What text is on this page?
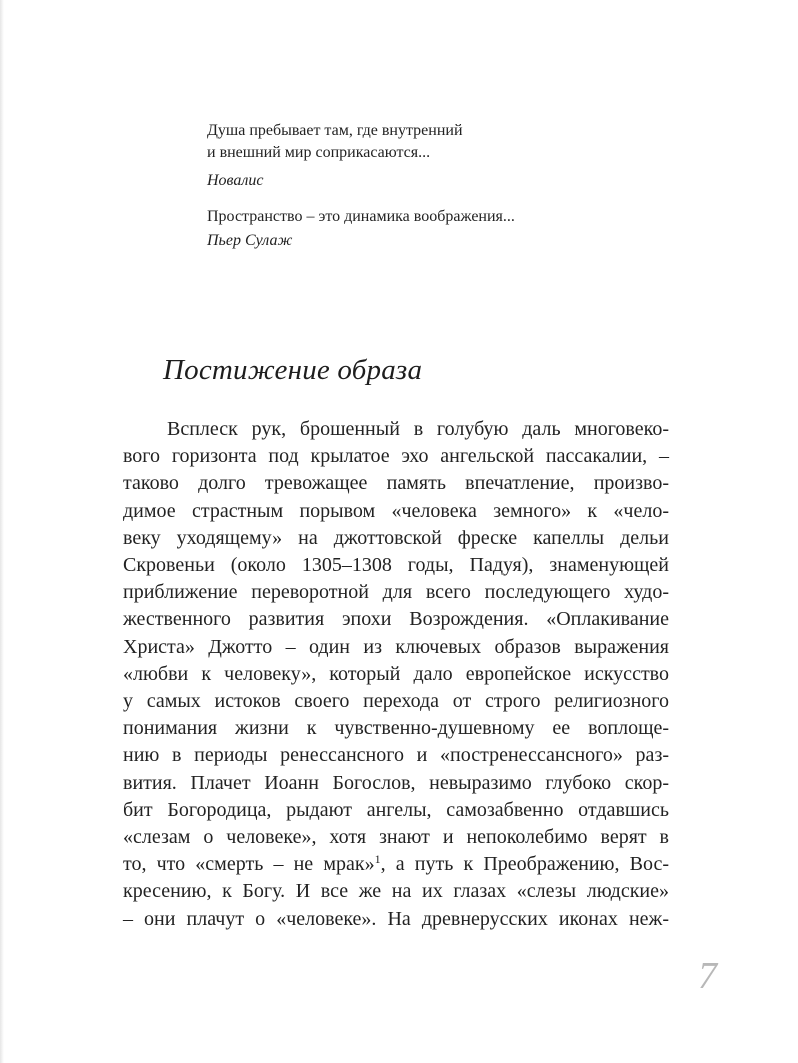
Душа пребывает там, где внутренний
и внешний мир соприкасаются...
Новалис
Пространство – это динамика воображения...
Пьер Сулаж
Постижение образа
Всплеск рук, брошенный в голубую даль многовеко-
вого горизонта под крылатое эхо ангельской пассакалии, –
таково долго тревожащее память впечатление, произво-
димое страстным порывом «человека земного» к «чело-
веку уходящему» на джоттовской фреске капеллы дельи
Скровеньи (около 1305–1308 годы, Падуя), знаменующей
приближение переворотной для всего последующего худо-
жественного развития эпохи Возрождения. «Оплакивание
Христа» Джотто – один из ключевых образов выражения
«любви к человеку», который дало европейское искусство
у самых истоков своего перехода от строго религиозного
понимания жизни к чувственно-душевному ее воплоще-
нию в периоды ренессансного и «постренессансного» раз-
вития. Плачет Иоанн Богослов, невыразимо глубоко скор-
бит Богородица, рыдают ангелы, самозабвенно отдавшись
«слезам о человеке», хотя знают и непоколебимо верят в
то, что «смерть – не мрак»$^1$, а путь к Преображению, Вос-
кресению, к Богу. И все же на их глазах «слезы людские»
– они плачут о «человеке». На древнерусских иконах неж-
7
